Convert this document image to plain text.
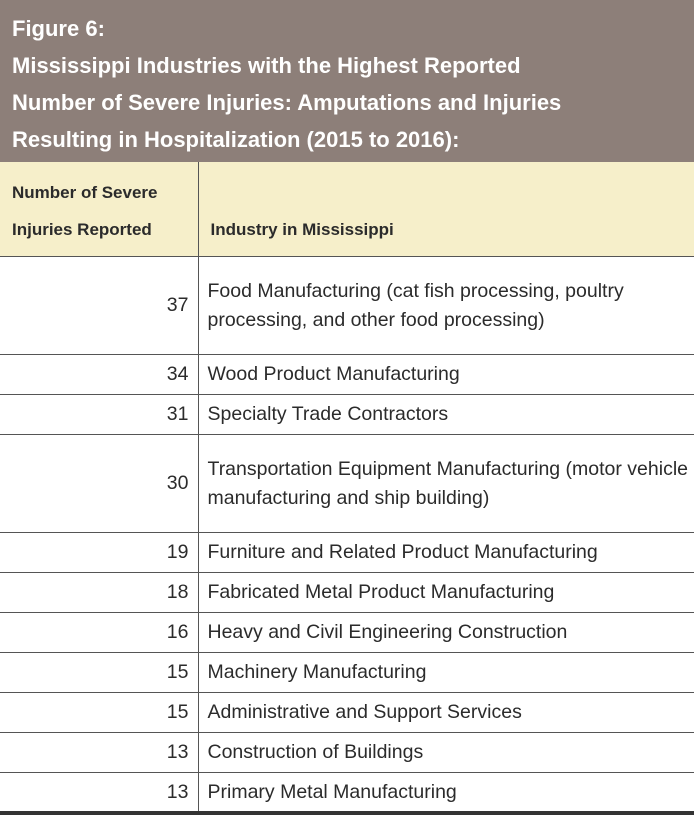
Figure 6:
Mississippi Industries with the Highest Reported
Number of Severe Injuries: Amputations and Injuries
Resulting in Hospitalization (2015 to 2016):
Number of Severe
Injuries Reported	Industry in Mississippi

37	Food Manufacturing (cat fish processing, poultry processing, and other food processing)
34	Wood Product Manufacturing
31	Specialty Trade Contractors
30	Transportation Equipment Manufacturing (motor vehicle manufacturing and ship building)
19	Furniture and Related Product Manufacturing
18	Fabricated Metal Product Manufacturing
16	Heavy and Civil Engineering Construction
15	Machinery Manufacturing
15	Administrative and Support Services
13	Construction of Buildings
13	Primary Metal Manufacturing
